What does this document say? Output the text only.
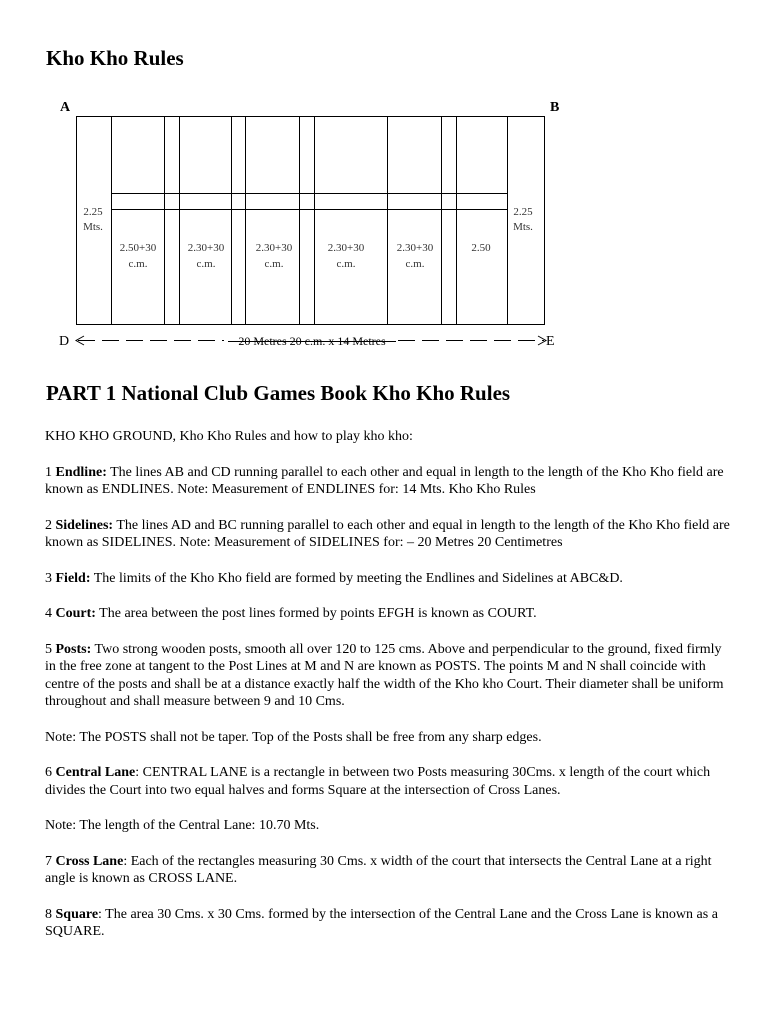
Kho Kho Rules
A	B
D	E
2.25
Mts.
2.25
Mts.
2.50+30
c.m.
2.30+30
c.m.
2.30+30
c.m.
2.30+30
c.m.
2.30+30
c.m.
2.50
20 Metres 20 c.m. x 14 Metres
PART 1 National Club Games Book Kho Kho Rules

KHO KHO GROUND, Kho Kho Rules and how to play kho kho:

1 Endline: The lines AB and CD running parallel to each other and equal in length to the length of the Kho Kho field are known as ENDLINES. Note: Measurement of ENDLINES for: 14 Mts. Kho Kho Rules

2 Sidelines: The lines AD and BC running parallel to each other and equal in length to the length of the Kho Kho field are known as SIDELINES. Note: Measurement of SIDELINES for: – 20 Metres 20 Centimetres

3 Field: The limits of the Kho Kho field are formed by meeting the Endlines and Sidelines at ABC&D.

4 Court: The area between the post lines formed by points EFGH is known as COURT.

5 Posts: Two strong wooden posts, smooth all over 120 to 125 cms. Above and perpendicular to the ground, fixed firmly in the free zone at tangent to the Post Lines at M and N are known as POSTS. The points M and N shall coincide with centre of the posts and shall be at a distance exactly half the width of the Kho kho Court. Their diameter shall be uniform throughout and shall measure between 9 and 10 Cms.

Note: The POSTS shall not be taper. Top of the Posts shall be free from any sharp edges.

6 Central Lane: CENTRAL LANE is a rectangle in between two Posts measuring 30Cms. x length of the court which divides the Court into two equal halves and forms Square at the intersection of Cross Lanes.

Note: The length of the Central Lane: 10.70 Mts.

7 Cross Lane: Each of the rectangles measuring 30 Cms. x width of the court that intersects the Central Lane at a right angle is known as CROSS LANE.

8 Square: The area 30 Cms. x 30 Cms. formed by the intersection of the Central Lane and the Cross Lane is known as a SQUARE.
